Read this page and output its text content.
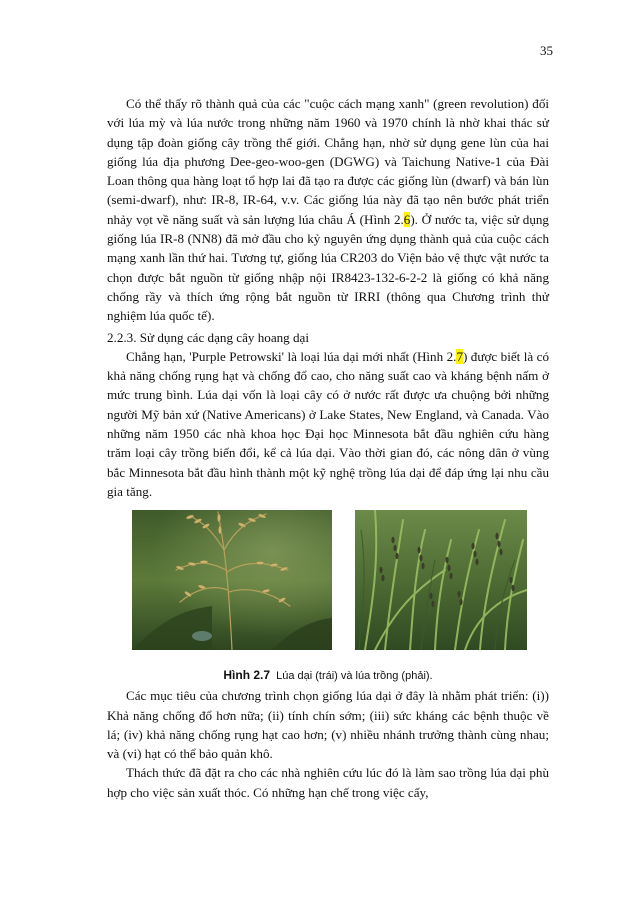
35

Có thể thấy rõ thành quả của các "cuộc cách mạng xanh" (green revolution) đối với lúa mỳ và lúa nước trong những năm 1960 và 1970 chính là nhờ khai thác sử dụng tập đoàn giống cây trồng thế giới. Chẳng hạn, nhờ sử dụng gene lùn của hai giống lúa địa phương Dee-geo-woo-gen (DGWG) và Taichung Native-1 của Đài Loan thông qua hàng loạt tổ hợp lai đã tạo ra được các giống lùn (dwarf) và bán lùn (semi-dwarf), như: IR-8, IR-64, v.v. Các giống lúa này đã tạo nên bước phát triển nhảy vọt về năng suất và sản lượng lúa châu Á (Hình 2.6). Ở nước ta, việc sử dụng giống lúa IR-8 (NN8) đã mở đầu cho kỷ nguyên ứng dụng thành quả của cuộc cách mạng xanh lần thứ hai. Tương tự, giống lúa CR203 do Viện bảo vệ thực vật nước ta chọn được bắt nguồn từ giống nhập nội IR8423-132-6-2-2 là giống có khả năng chống rầy và thích ứng rộng bắt nguồn từ IRRI (thông qua Chương trình thử nghiệm lúa quốc tế).

2.2.3. Sử dụng các dạng cây hoang dại

Chẳng hạn, 'Purple Petrowski' là loại lúa dại mới nhất (Hình 2.7) được biết là có khả năng chống rụng hạt và chống đổ cao, cho năng suất cao và kháng bệnh nấm ở mức trung bình. Lúa dại vốn là loại cây có ở nước rất được ưa chuộng bởi những người Mỹ bản xứ (Native Americans) ở Lake States, New England, và Canada. Vào những năm 1950 các nhà khoa học Đại học Minnesota bắt đầu nghiên cứu hàng trăm loại cây trồng biến đổi, kể cả lúa dại. Vào thời gian đó, các nông dân ở vùng bắc Minnesota bắt đầu hình thành một kỹ nghệ trồng lúa dại để đáp ứng lại nhu cầu gia tăng.

Hình 2.7 Lúa dại (trái) và lúa trồng (phải).

Các mục tiêu của chương trình chọn giống lúa dại ở đây là nhằm phát triển: (i)) Khả năng chống đổ hơn nữa; (ii) tính chín sớm; (iii) sức kháng các bệnh thuộc về lá; (iv) khả năng chống rụng hạt cao hơn; (v) nhiều nhánh trưởng thành cùng nhau; và (vi) hạt có thể bảo quản khô.

Thách thức đã đặt ra cho các nhà nghiên cứu lúc đó là làm sao trồng lúa dại phù hợp cho việc sản xuất thóc. Có những hạn chế trong việc cấy,
